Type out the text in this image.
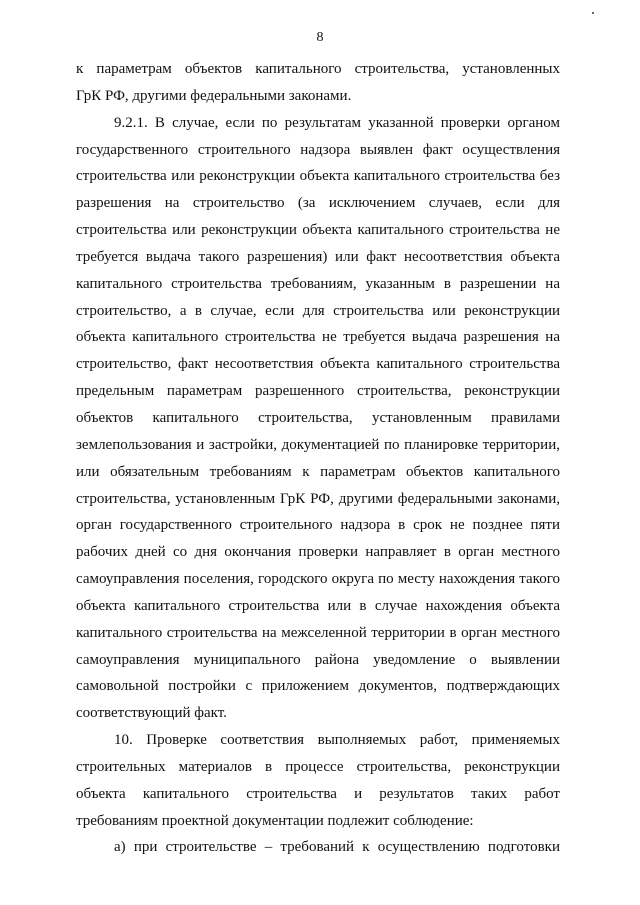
8
к параметрам объектов капитального строительства, установленных
ГрК РФ, другими федеральными законами.
9.2.1. В случае, если по результатам указанной проверки органом
государственного строительного надзора выявлен факт осуществления
строительства или реконструкции объекта капитального строительства без
разрешения на строительство (за исключением случаев, если для
строительства или реконструкции объекта капитального строительства не
требуется выдача такого разрешения) или факт несоответствия объекта
капитального строительства требованиям, указанным в разрешении на
строительство, а в случае, если для строительства или реконструкции
объекта капитального строительства не требуется выдача разрешения на
строительство, факт несоответствия объекта капитального строительства
предельным параметрам разрешенного строительства, реконструкции
объектов капитального строительства, установленным правилами
землепользования и застройки, документацией по планировке территории,
или обязательным требованиям к параметрам объектов капитального
строительства, установленным ГрК РФ, другими федеральными законами,
орган государственного строительного надзора в срок не позднее пяти
рабочих дней со дня окончания проверки направляет в орган местного
самоуправления поселения, городского округа по месту нахождения такого
объекта капитального строительства или в случае нахождения объекта
капитального строительства на межселенной территории в орган местного
самоуправления муниципального района уведомление о выявлении
самовольной постройки с приложением документов, подтверждающих
соответствующий факт.
10. Проверке соответствия выполняемых работ, применяемых
строительных материалов в процессе строительства, реконструкции
объекта капитального строительства и результатов таких работ
требованиям проектной документации подлежит соблюдение:
а) при строительстве – требований к осуществлению подготовки
